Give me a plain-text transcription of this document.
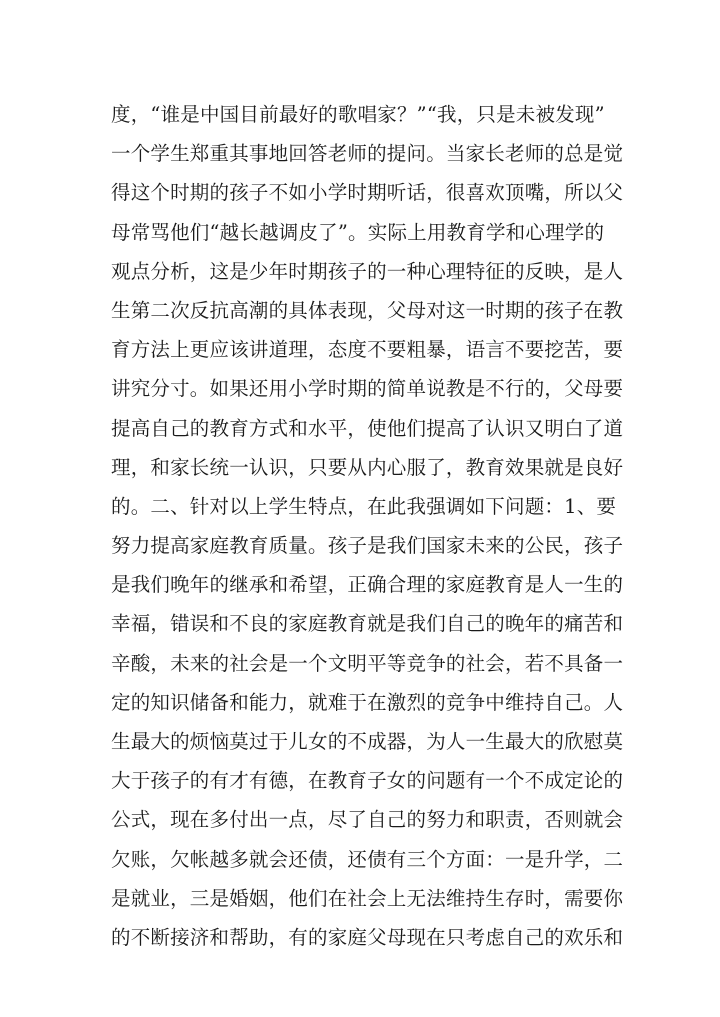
度，“谁是中国目前最好的歌唱家？”“我，只是未被发现”
一个学生郑重其事地回答老师的提问。当家长老师的总是觉
得这个时期的孩子不如小学时期听话，很喜欢顶嘴，所以父
母常骂他们“越长越调皮了”。实际上用教育学和心理学的
观点分析，这是少年时期孩子的一种心理特征的反映，是人
生第二次反抗高潮的具体表现，父母对这一时期的孩子在教
育方法上更应该讲道理，态度不要粗暴，语言不要挖苦，要
讲究分寸。如果还用小学时期的简单说教是不行的，父母要
提高自己的教育方式和水平，使他们提高了认识又明白了道
理，和家长统一认识，只要从内心服了，教育效果就是良好
的。二、针对以上学生特点，在此我强调如下问题：1、要
努力提高家庭教育质量。孩子是我们国家未来的公民，孩子
是我们晚年的继承和希望，正确合理的家庭教育是人一生的
幸福，错误和不良的家庭教育就是我们自己的晚年的痛苦和
辛酸，未来的社会是一个文明平等竞争的社会，若不具备一
定的知识储备和能力，就难于在激烈的竞争中维持自己。人
生最大的烦恼莫过于儿女的不成器，为人一生最大的欣慰莫
大于孩子的有才有德，在教育子女的问题有一个不成定论的
公式，现在多付出一点，尽了自己的努力和职责，否则就会
欠账，欠帐越多就会还债，还债有三个方面：一是升学，二
是就业，三是婚姻，他们在社会上无法维持生存时，需要你
的不断接济和帮助，有的家庭父母现在只考虑自己的欢乐和
